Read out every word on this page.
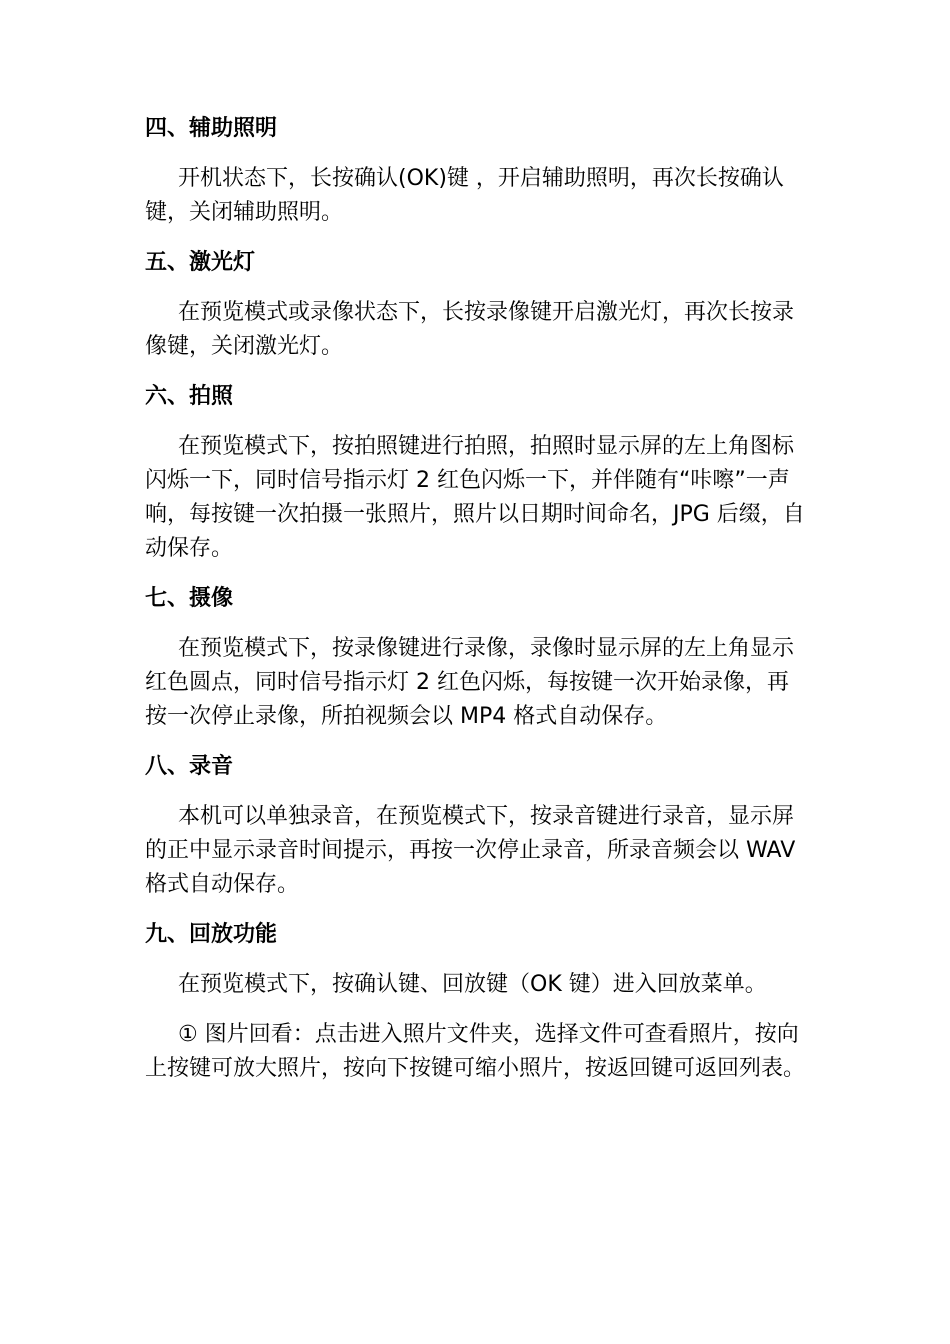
四、辅助照明

开机状态下，长按确认(OK)键 ，开启辅助照明，再次长按确认键，关闭辅助照明。

五、激光灯

在预览模式或录像状态下，长按录像键开启激光灯，再次长按录像键，关闭激光灯。

六、拍照

在预览模式下，按拍照键进行拍照，拍照时显示屏的左上角图标闪烁一下，同时信号指示灯 2 红色闪烁一下，并伴随有“咔嚓”一声响，每按键一次拍摄一张照片，照片以日期时间命名，JPG 后缀，自动保存。

七、摄像

在预览模式下，按录像键进行录像，录像时显示屏的左上角显示红色圆点，同时信号指示灯 2 红色闪烁，每按键一次开始录像，再按一次停止录像，所拍视频会以 MP4 格式自动保存。

八、录音

本机可以单独录音，在预览模式下，按录音键进行录音，显示屏的正中显示录音时间提示，再按一次停止录音，所录音频会以 WAV 格式自动保存。

九、回放功能

在预览模式下，按确认键、回放键（OK 键）进入回放菜单。

① 图片回看：点击进入照片文件夹，选择文件可查看照片，按向上按键可放大照片，按向下按键可缩小照片，按返回键可返回列表。
